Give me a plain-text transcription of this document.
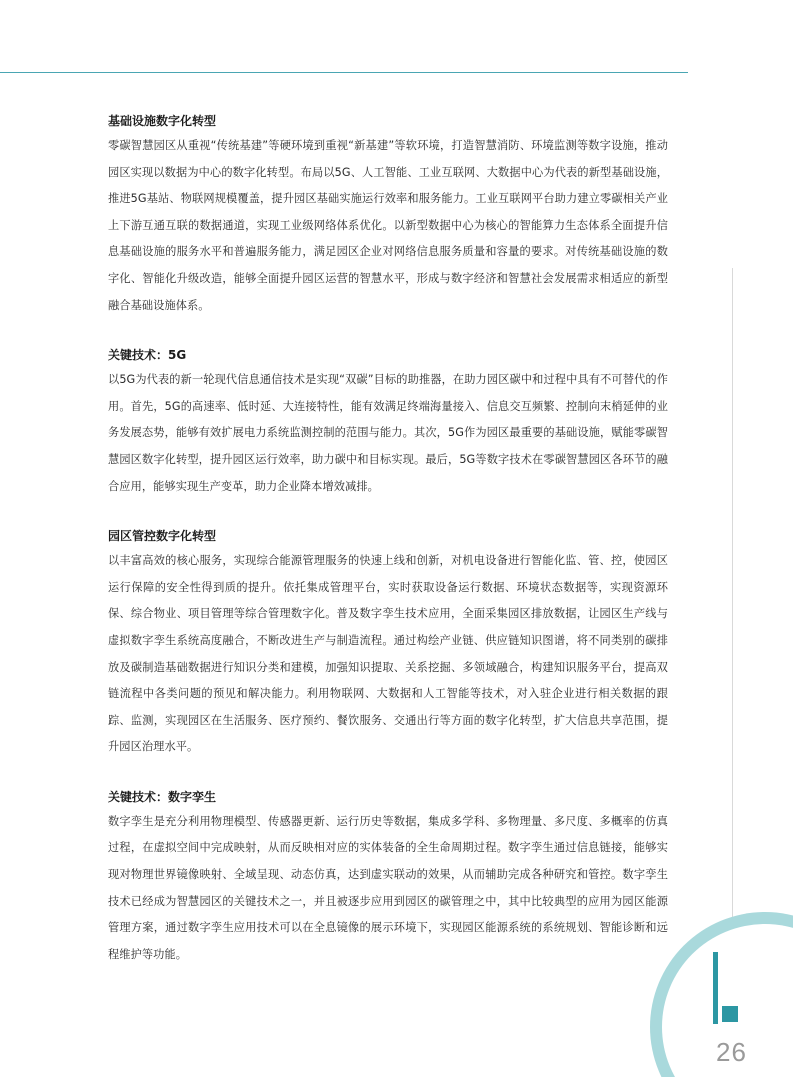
基础设施数字化转型

零碳智慧园区从重视“传统基建”等硬环境到重视“新基建”等软环境，打造智慧消防、环境监测等数字设施，推动园区实现以数据为中心的数字化转型。布局以5G、人工智能、工业互联网、大数据中心为代表的新型基础设施，推进5G基站、物联网规模覆盖，提升园区基础实施运行效率和服务能力。工业互联网平台助力建立零碳相关产业上下游互通互联的数据通道，实现工业级网络体系优化。以新型数据中心为核心的智能算力生态体系全面提升信息基础设施的服务水平和普遍服务能力，满足园区企业对网络信息服务质量和容量的要求。对传统基础设施的数字化、智能化升级改造，能够全面提升园区运营的智慧水平，形成与数字经济和智慧社会发展需求相适应的新型融合基础设施体系。

关键技术：5G

以5G为代表的新一轮现代信息通信技术是实现“双碳”目标的助推器，在助力园区碳中和过程中具有不可替代的作用。首先，5G的高速率、低时延、大连接特性，能有效满足终端海量接入、信息交互频繁、控制向末梢延伸的业务发展态势，能够有效扩展电力系统监测控制的范围与能力。其次，5G作为园区最重要的基础设施，赋能零碳智慧园区数字化转型，提升园区运行效率，助力碳中和目标实现。最后，5G等数字技术在零碳智慧园区各环节的融合应用，能够实现生产变革，助力企业降本增效减排。

园区管控数字化转型

以丰富高效的核心服务，实现综合能源管理服务的快速上线和创新，对机电设备进行智能化监、管、控，使园区运行保障的安全性得到质的提升。依托集成管理平台，实时获取设备运行数据、环境状态数据等，实现资源环保、综合物业、项目管理等综合管理数字化。普及数字孪生技术应用，全面采集园区排放数据，让园区生产线与虚拟数字孪生系统高度融合，不断改进生产与制造流程。通过构绘产业链、供应链知识图谱，将不同类别的碳排放及碳制造基础数据进行知识分类和建模，加强知识提取、关系挖掘、多领域融合，构建知识服务平台，提高双链流程中各类问题的预见和解决能力。利用物联网、大数据和人工智能等技术，对入驻企业进行相关数据的跟踪、监测，实现园区在生活服务、医疗预约、餐饮服务、交通出行等方面的数字化转型，扩大信息共享范围，提升园区治理水平。

关键技术：数字孪生

数字孪生是充分利用物理模型、传感器更新、运行历史等数据，集成多学科、多物理量、多尺度、多概率的仿真过程，在虚拟空间中完成映射，从而反映相对应的实体装备的全生命周期过程。数字孪生通过信息链接，能够实现对物理世界镜像映射、全域呈现、动态仿真，达到虚实联动的效果，从而辅助完成各种研究和管控。数字孪生技术已经成为智慧园区的关键技术之一，并且被逐步应用到园区的碳管理之中，其中比较典型的应用为园区能源管理方案，通过数字孪生应用技术可以在全息镜像的展示环境下，实现园区能源系统的系统规划、智能诊断和远程维护等功能。

26
